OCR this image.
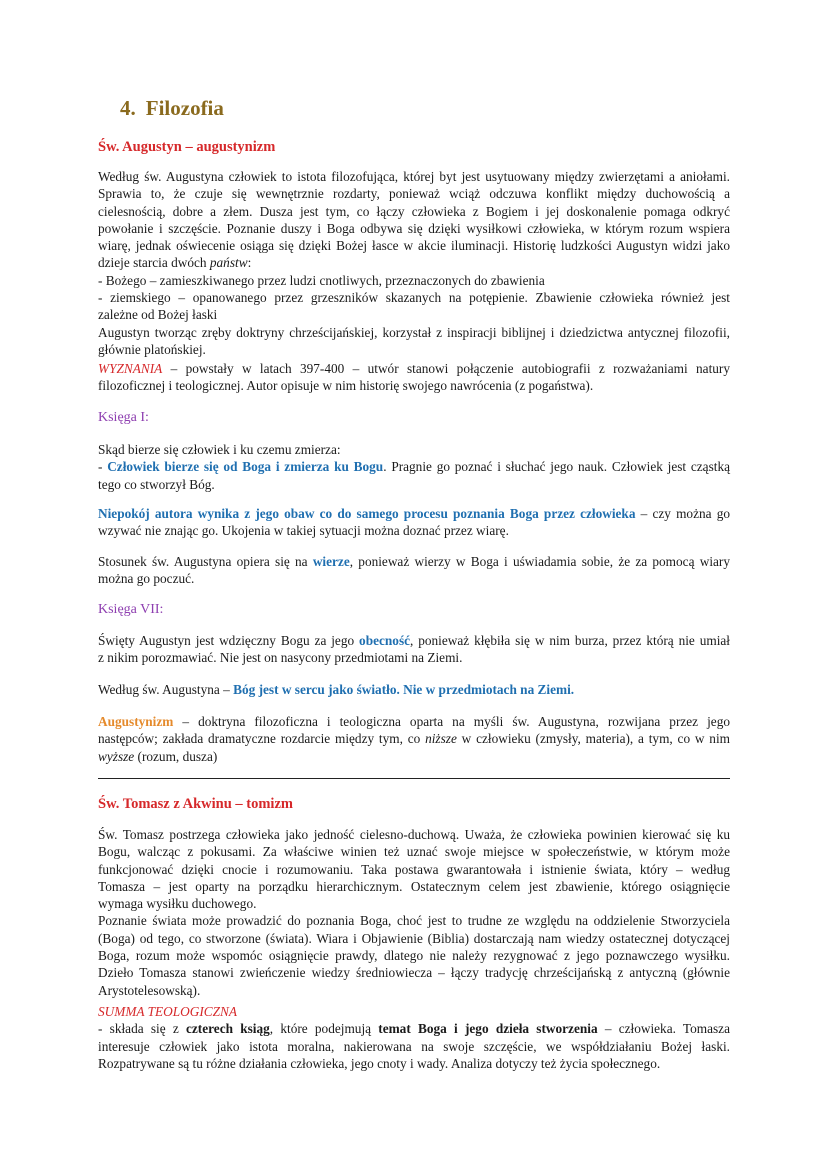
4. Filozofia
Św. Augustyn – augustynizm
Według św. Augustyna człowiek to istota filozofująca, której byt jest usytuowany między zwierzętami a aniołami.
Sprawia to, że czuje się wewnętrznie rozdarty, ponieważ wciąż odczuwa konflikt między duchowością a
cielesnością, dobre a złem. Dusza jest tym, co łączy człowieka z Bogiem i jej doskonalenie pomaga odkryć
powołanie i szczęście. Poznanie duszy i Boga odbywa się dzięki wysiłkowi człowieka, w którym rozum wspiera
wiarę, jednak oświecenie osiąga się dzięki Bożej łasce w akcie iluminacji. Historię ludzkości Augustyn widzi jako
dzieje starcia dwóch państw:
- Bożego – zamieszkiwanego przez ludzi cnotliwych, przeznaczonych do zbawienia
- ziemskiego – opanowanego przez grzeszników skazanych na potępienie. Zbawienie człowieka również jest
zależne od Bożej łaski
Augustyn tworząc zręby doktryny chrześcijańskiej, korzystał z inspiracji biblijnej i dziedzictwa antycznej filozofii,
głównie platońskiej.
WYZNANIA – powstały w latach 397-400 – utwór stanowi połączenie autobiografii z rozważaniami natury
filozoficznej i teologicznej. Autor opisuje w nim historię swojego nawrócenia (z pogaństwa).
Księga I:
Skąd bierze się człowiek i ku czemu zmierza:
- Człowiek bierze się od Boga i zmierza ku Bogu. Pragnie go poznać i słuchać jego nauk. Człowiek jest cząstką
tego co stworzył Bóg.
Niepokój autora wynika z jego obaw co do samego procesu poznania Boga przez człowieka – czy można go
wzywać nie znając go. Ukojenia w takiej sytuacji można doznać przez wiarę.
Stosunek św. Augustyna opiera się na wierze, ponieważ wierzy w Boga i uświadamia sobie, że za pomocą wiary
można go poczuć.
Księga VII:
Święty Augustyn jest wdzięczny Bogu za jego obecność, ponieważ kłębiła się w nim burza, przez którą nie umiał
z nikim porozmawiać. Nie jest on nasycony przedmiotami na Ziemi.
Według św. Augustyna – Bóg jest w sercu jako światło. Nie w przedmiotach na Ziemi.
Augustynizm – doktryna filozoficzna i teologiczna oparta na myśli św. Augustyna, rozwijana przez jego
następców; zakłada dramatyczne rozdarcie między tym, co niższe w człowieku (zmysły, materia), a tym, co w nim
wyższe (rozum, dusza)
Św. Tomasz z Akwinu – tomizm
Św. Tomasz postrzega człowieka jako jedność cielesno-duchową. Uważa, że człowieka powinien kierować się ku
Bogu, walcząc z pokusami. Za właściwe winien też uznać swoje miejsce w społeczeństwie, w którym może
funkcjonować dzięki cnocie i rozumowaniu. Taka postawa gwarantowała i istnienie świata, który – według
Tomasza – jest oparty na porządku hierarchicznym. Ostatecznym celem jest zbawienie, którego osiągnięcie
wymaga wysiłku duchowego.
Poznanie świata może prowadzić do poznania Boga, choć jest to trudne ze względu na oddzielenie Stworzyciela
(Boga) od tego, co stworzone (świata). Wiara i Objawienie (Biblia) dostarczają nam wiedzy ostatecznej dotyczącej
Boga, rozum może wspomóc osiągnięcie prawdy, dlatego nie należy rezygnować z jego poznawczego wysiłku.
Dzieło Tomasza stanowi zwieńczenie wiedzy średniowiecza – łączy tradycję chrześcijańską z antyczną (głównie
Arystotelesowską).
SUMMA TEOLOGICZNA
- składa się z czterech ksiąg, które podejmują temat Boga i jego dzieła stworzenia – człowieka. Tomasza
interesuje człowiek jako istota moralna, nakierowana na swoje szczęście, we współdziałaniu Bożej łaski.
Rozpatrywane są tu różne działania człowieka, jego cnoty i wady. Analiza dotyczy też życia społecznego.
